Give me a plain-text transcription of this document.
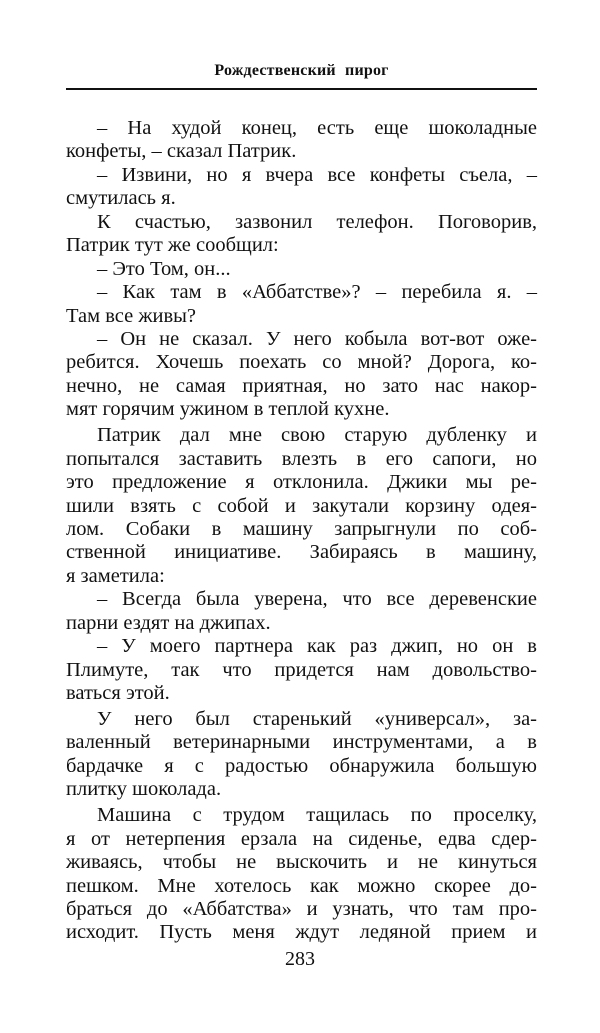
Рождественский пирог
– На худой конец, есть еще шоколадные
конфеты, – сказал Патрик.
– Извини, но я вчера все конфеты съела, –
смутилась я.
К счастью, зазвонил телефон. Поговорив,
Патрик тут же сообщил:
– Это Том, он...
– Как там в «Аббатстве»? – перебила я. –
Там все живы?
– Он не сказал. У него кобыла вот-вот оже-
ребится. Хочешь поехать со мной? Дорога, ко-
нечно, не самая приятная, но зато нас накор-
мят горячим ужином в теплой кухне.
Патрик дал мне свою старую дубленку и
попытался заставить влезть в его сапоги, но
это предложение я отклонила. Джики мы ре-
шили взять с собой и закутали корзину одея-
лом. Собаки в машину запрыгнули по соб-
ственной инициативе. Забираясь в машину,
я заметила:
– Всегда была уверена, что все деревенские
парни ездят на джипах.
– У моего партнера как раз джип, но он в
Плимуте, так что придется нам довольство-
ваться этой.
У него был старенький «универсал», за-
валенный ветеринарными инструментами, а в
бардачке я с радостью обнаружила большую
плитку шоколада.
Машина с трудом тащилась по проселку,
я от нетерпения ерзала на сиденье, едва сдер-
живаясь, чтобы не выскочить и не кинуться
пешком. Мне хотелось как можно скорее до-
браться до «Аббатства» и узнать, что там про-
исходит. Пусть меня ждут ледяной прием и
283
